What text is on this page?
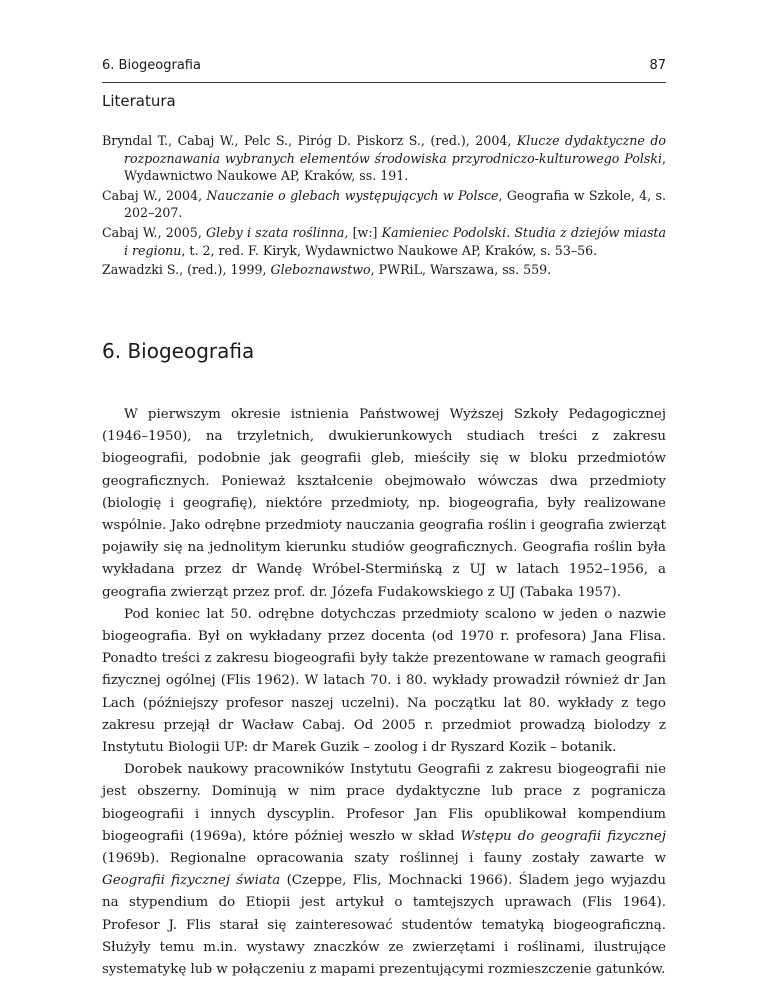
6. Biogeografia	87
Literatura

Bryndal T., Cabaj W., Pelc S., Piróg D. Piskorz S., (red.), 2004, Klucze dydaktyczne do rozpoznawania wybranych elementów środowiska przyrodniczo-kulturowego Polski, Wydawnictwo Naukowe AP, Kraków, ss. 191.

Cabaj W., 2004, Nauczanie o glebach występujących w Polsce, Geografia w Szkole, 4, s. 202–207.

Cabaj W., 2005, Gleby i szata roślinna, [w:] Kamieniec Podolski. Studia z dziejów miasta i regionu, t. 2, red. F. Kiryk, Wydawnictwo Naukowe AP, Kraków, s. 53–56.

Zawadzki S., (red.), 1999, Gleboznawstwo, PWRiL, Warszawa, ss. 559.

6. Biogeografia

W pierwszym okresie istnienia Państwowej Wyższej Szkoły Pedagogicznej (1946–1950), na trzyletnich, dwukierunkowych studiach treści z zakresu biogeografii, podobnie jak geografii gleb, mieściły się w bloku przedmiotów geograficznych. Ponieważ kształcenie obejmowało wówczas dwa przedmioty (biologię i geografię), niektóre przedmioty, np. biogeografia, były realizowane wspólnie. Jako odrębne przedmioty nauczania geografia roślin i geografia zwierząt pojawiły się na jednolitym kierunku studiów geograficznych. Geografia roślin była wykładana przez dr Wandę Wróbel-Stermińską z UJ w latach 1952–1956, a geografia zwierząt przez prof. dr. Józefa Fudakowskiego z UJ (Tabaka 1957).

Pod koniec lat 50. odrębne dotychczas przedmioty scalono w jeden o nazwie biogeografia. Był on wykładany przez docenta (od 1970 r. profesora) Jana Flisa. Ponadto treści z zakresu biogeografii były także prezentowane w ramach geografii fizycznej ogólnej (Flis 1962). W latach 70. i 80. wykłady prowadził również dr Jan Lach (późniejszy profesor naszej uczelni). Na początku lat 80. wykłady z tego zakresu przejął dr Wacław Cabaj. Od 2005 r. przedmiot prowadzą biolodzy z Instytutu Biologii UP: dr Marek Guzik – zoolog i dr Ryszard Kozik – botanik.

Dorobek naukowy pracowników Instytutu Geografii z zakresu biogeografii nie jest obszerny. Dominują w nim prace dydaktyczne lub prace z pogranicza biogeografii i innych dyscyplin. Profesor Jan Flis opublikował kompendium biogeografii (1969a), które później weszło w skład Wstępu do geografii fizycznej (1969b). Regionalne opracowania szaty roślinnej i fauny zostały zawarte w Geografii fizycznej świata (Czeppe, Flis, Mochnacki 1966). Śladem jego wyjazdu na stypendium do Etiopii jest artykuł o tamtejszych uprawach (Flis 1964). Profesor J. Flis starał się zainteresować studentów tematyką biogeograficzną. Służyły temu m.in. wystawy znaczków ze zwierzętami i roślinami, ilustrujące systematykę lub w połączeniu z mapami prezentującymi rozmieszczenie gatunków.
